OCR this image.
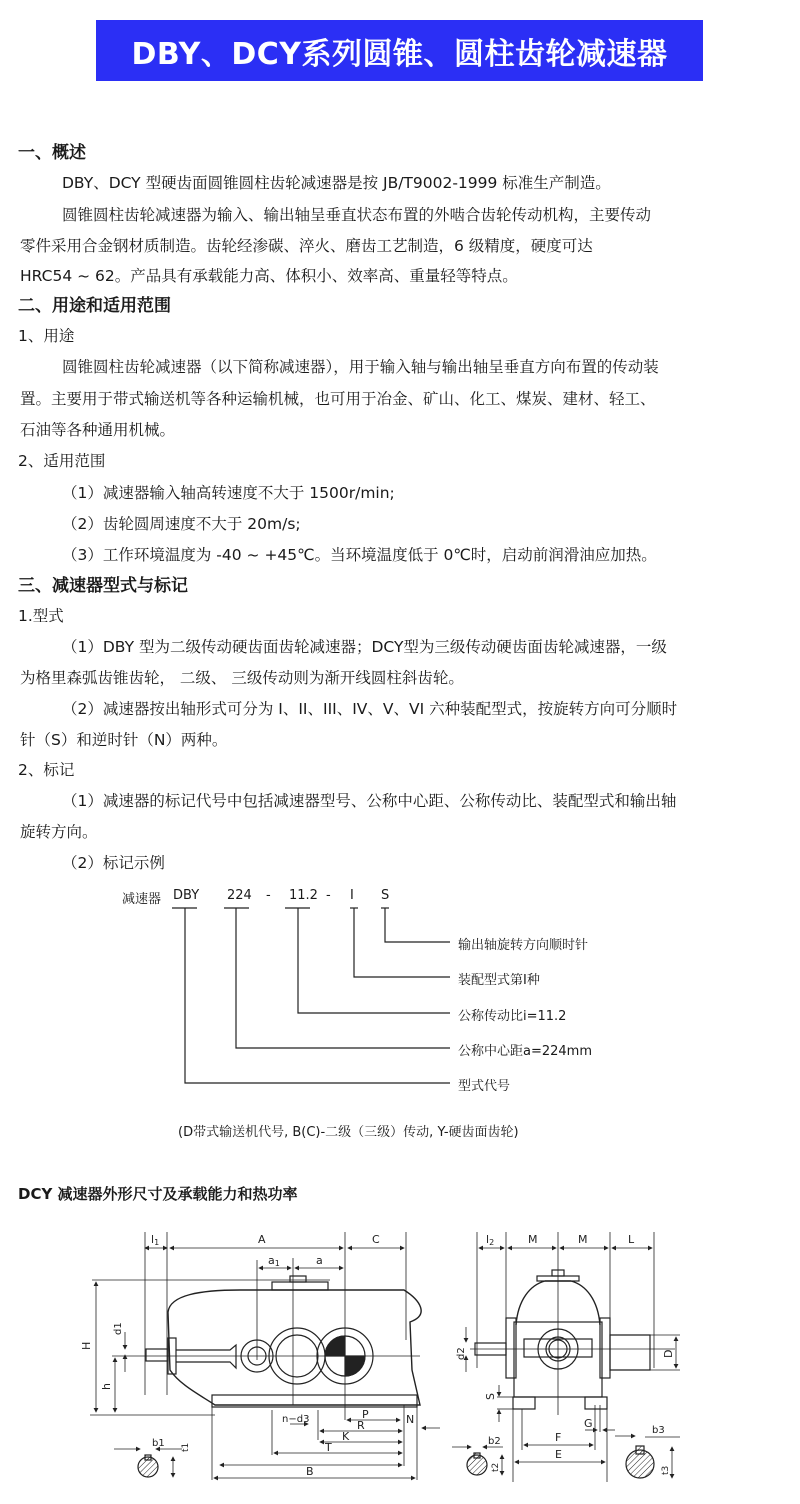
DBY、DCY系列圆锥、圆柱齿轮减速器
一、概述
DBY、DCY 型硬齿面圆锥圆柱齿轮减速器是按 JB/T9002-1999 标准生产制造。
圆锥圆柱齿轮减速器为输入、输出轴呈垂直状态布置的外啮合齿轮传动机构，主要传动
零件采用合金钢材质制造。齿轮经渗碳、淬火、磨齿工艺制造，6 级精度，硬度可达
HRC54 ~ 62。产品具有承载能力高、体积小、效率高、重量轻等特点。
二、用途和适用范围
1、用途
圆锥圆柱齿轮减速器（以下简称减速器），用于输入轴与输出轴呈垂直方向布置的传动装
置。主要用于带式输送机等各种运输机械，也可用于冶金、矿山、化工、煤炭、建材、轻工、
石油等各种通用机械。
2、适用范围
（1）减速器输入轴高转速度不大于 1500r/min;
（2）齿轮圆周速度不大于 20m/s;
（3）工作环境温度为 -40 ~ +45℃。当环境温度低于 0℃时，启动前润滑油应加热。
三、减速器型式与标记
1.型式
（1）DBY 型为二级传动硬齿面齿轮减速器；DCY型为三级传动硬齿面齿轮减速器，一级
为格里森弧齿锥齿轮， 二级、 三级传动则为渐开线圆柱斜齿轮。
（2）减速器按出轴形式可分为 I、II、III、IV、V、VI 六种装配型式，按旋转方向可分顺时
针（S）和逆时针（N）两种。
2、标记
（1）减速器的标记代号中包括减速器型号、公称中心距、公称传动比、装配型式和输出轴
旋转方向。
（2）标记示例
减速器 DBY 224 - 11.2 - I S
输出轴旋转方向顺时针
装配型式第I种
公称传动比i=11.2
公称中心距a=224mm
型式代号
(D带式输送机代号, B(C)-二级（三级）传动, Y-硬齿面齿轮)
DCY 减速器外形尺寸及承载能力和热功率
l1	A	C
a1	a
H
h
d1
n−d3	P
R
K
T
B
N
b1 t1
l2	M	M	L
d2	D
S
G
F
E
b2
t2
b3
t3
